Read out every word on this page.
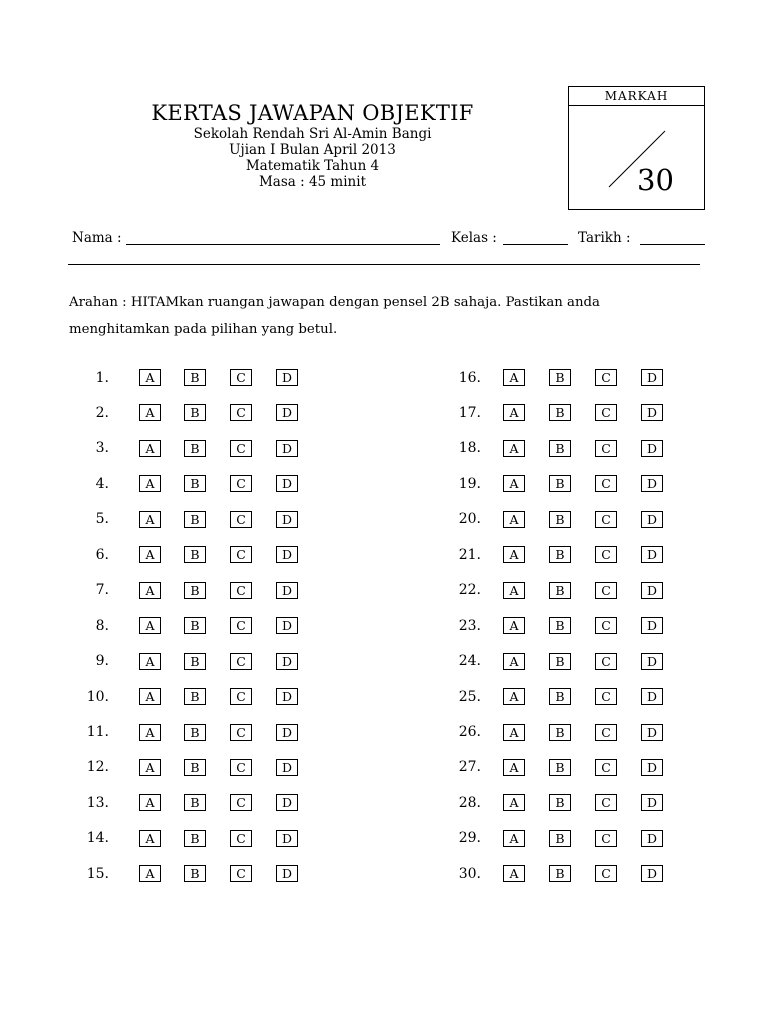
KERTAS JAWAPAN OBJEKTIF
Sekolah Rendah Sri Al-Amin Bangi
Ujian I Bulan April 2013
Matematik Tahun 4
Masa : 45 minit
MARKAH
30
Nama :	Kelas :	Tarikh :
Arahan : HITAMkan ruangan jawapan dengan pensel 2B sahaja. Pastikan anda menghitamkan pada pilihan yang betul.
1.	A	B	C	D
2.	A	B	C	D
3.	A	B	C	D
4.	A	B	C	D
5.	A	B	C	D
6.	A	B	C	D
7.	A	B	C	D
8.	A	B	C	D
9.	A	B	C	D
10.	A	B	C	D
11.	A	B	C	D
12.	A	B	C	D
13.	A	B	C	D
14.	A	B	C	D
15.	A	B	C	D
16.	A	B	C	D
17.	A	B	C	D
18.	A	B	C	D
19.	A	B	C	D
20.	A	B	C	D
21.	A	B	C	D
22.	A	B	C	D
23.	A	B	C	D
24.	A	B	C	D
25.	A	B	C	D
26.	A	B	C	D
27.	A	B	C	D
28.	A	B	C	D
29.	A	B	C	D
30.	A	B	C	D
